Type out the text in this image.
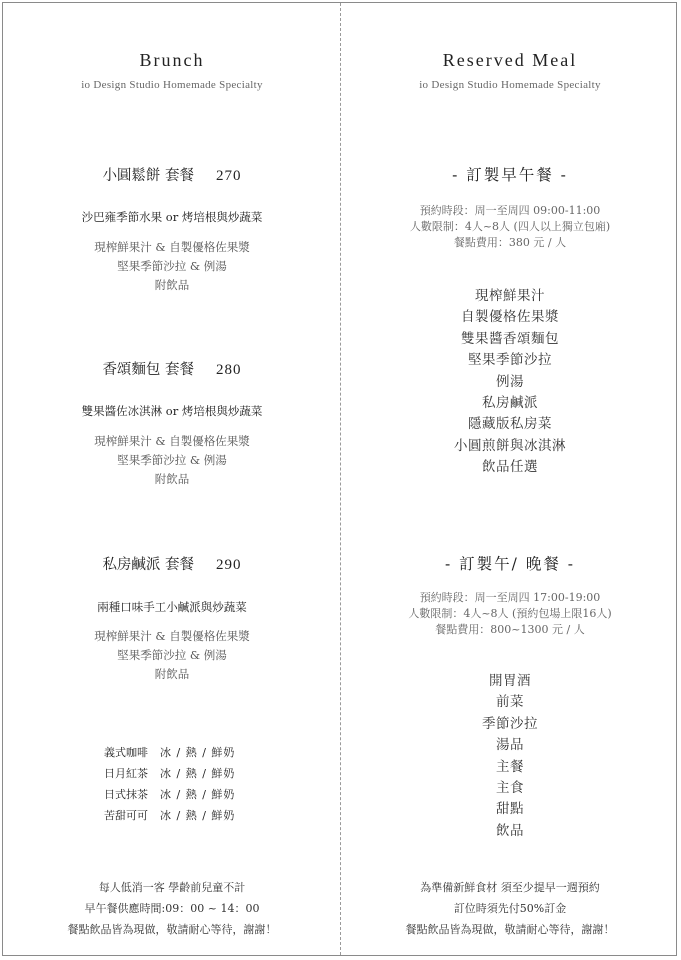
Brunch
io Design Studio Homemade Specialty
小圓鬆餅 套餐 270
沙巴雍季節水果 or 烤培根與炒蔬菜
現榨鮮果汁 & 自製優格佐果漿
堅果季節沙拉 & 例湯
附飲品
香頌麵包 套餐 280
雙果醬佐冰淇淋 or 烤培根與炒蔬菜
現榨鮮果汁 & 自製優格佐果漿
堅果季節沙拉 & 例湯
附飲品
私房鹹派 套餐 290
兩種口味手工小鹹派與炒蔬菜
現榨鮮果汁 & 自製優格佐果漿
堅果季節沙拉 & 例湯
附飲品
義式咖啡 冰 / 熱 / 鮮奶
日月紅茶 冰 / 熱 / 鮮奶
日式抹茶 冰 / 熱 / 鮮奶
苦甜可可 冰 / 熱 / 鮮奶
每人低消一客 學齡前兒童不計
早午餐供應時間:09：00 ~ 14：00
餐點飲品皆為現做，敬請耐心等待，謝謝！
Reserved Meal
io Design Studio Homemade Specialty
- 訂製早午餐 -
預約時段：周一至周四 09:00-11:00
人數限制：4人~8人 (四人以上獨立包廂)
餐點費用：380 元 / 人
現榨鮮果汁
自製優格佐果漿
雙果醬香頌麵包
堅果季節沙拉
例湯
私房鹹派
隱藏版私房菜
小圓煎餅與冰淇淋
飲品任選
- 訂製午/ 晚餐 -
預約時段：周一至周四 17:00-19:00
人數限制：4人~8人 (預約包場上限16人)
餐點費用：800~1300 元 / 人
開胃酒
前菜
季節沙拉
湯品
主餐
主食
甜點
飲品
為準備新鮮食材 須至少提早一週預約
訂位時須先付50%訂金
餐點飲品皆為現做，敬請耐心等待，謝謝！
